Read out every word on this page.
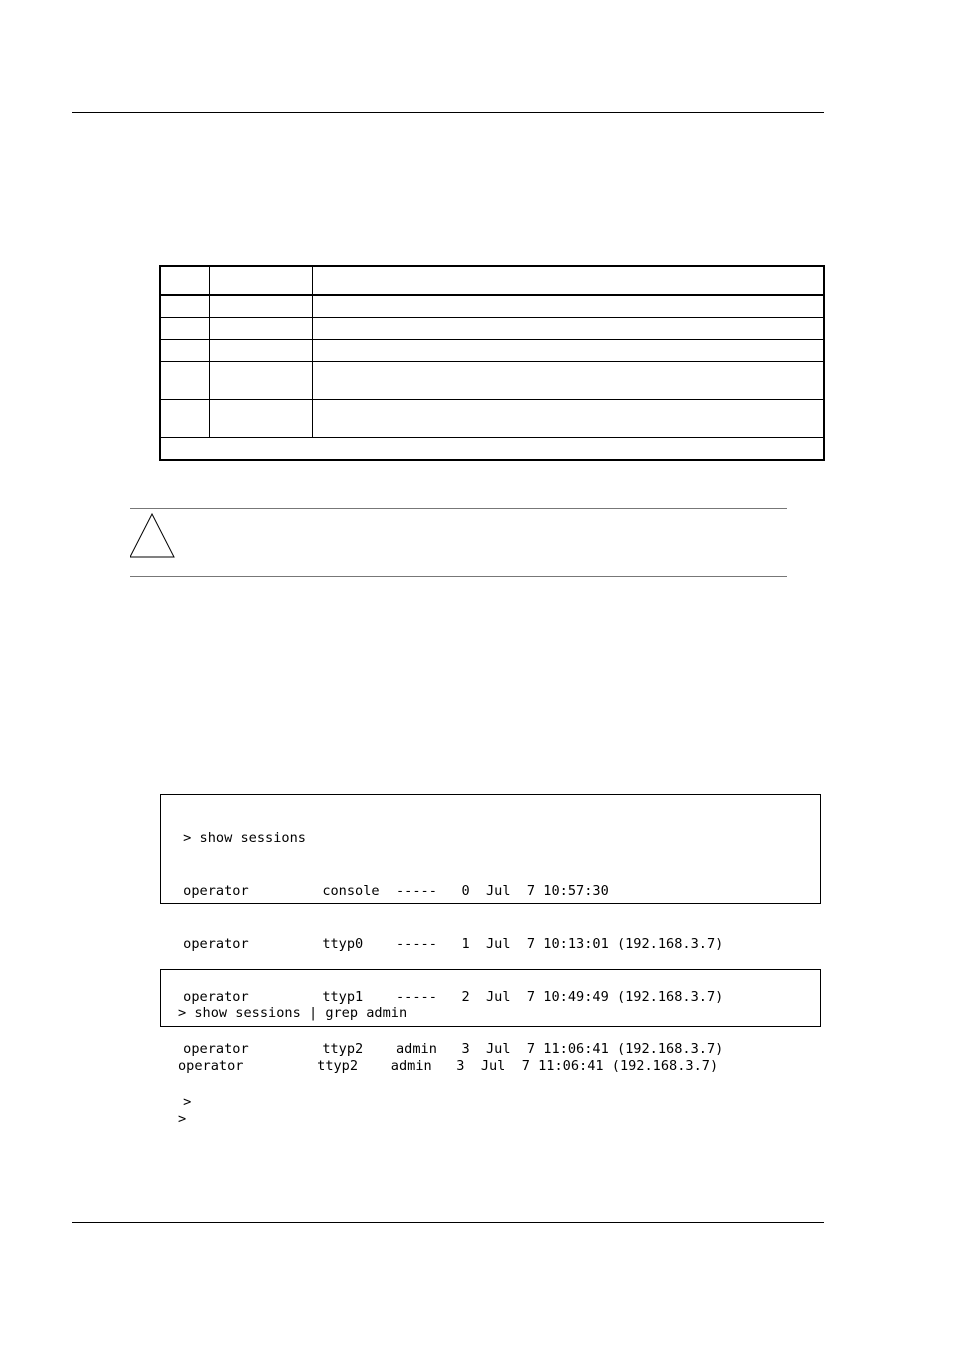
> show sessions

operator         console  -----   0  Jul  7 10:57:30

operator         ttyp0    -----   1  Jul  7 10:13:01 (192.168.3.7)

operator         ttyp1    -----   2  Jul  7 10:49:49 (192.168.3.7)

operator         ttyp2    admin   3  Jul  7 11:06:41 (192.168.3.7)

>

> show sessions | grep admin

operator         ttyp2    admin   3  Jul  7 11:06:41 (192.168.3.7)

>
